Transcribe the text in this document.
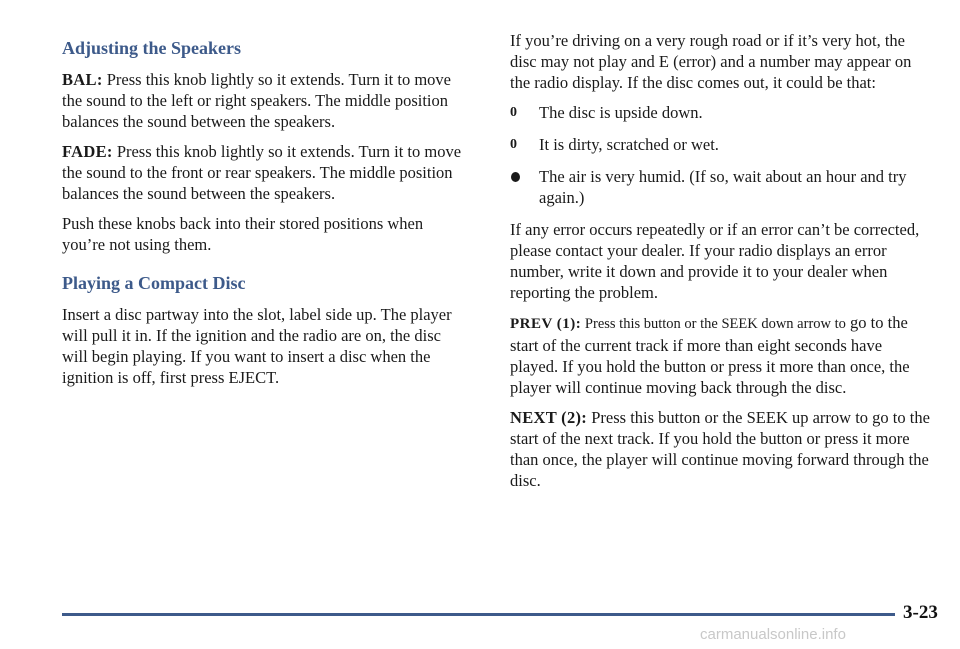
Adjusting the Speakers

BAL: Press this knob lightly so it extends. Turn it to move the sound to the left or right speakers. The middle position balances the sound between the speakers.

FADE: Press this knob lightly so it extends. Turn it to move the sound to the front or rear speakers. The middle position balances the sound between the speakers.

Push these knobs back into their stored positions when you’re not using them.

Playing a Compact Disc

Insert a disc partway into the slot, label side up. The player will pull it in. If the ignition and the radio are on, the disc will begin playing. If you want to insert a disc when the ignition is off, first press EJECT.

If you’re driving on a very rough road or if it’s very hot, the disc may not play and E (error) and a number may appear on the radio display. If the disc comes out, it could be that:

0	The disc is upside down.
0	It is dirty, scratched or wet.
The air is very humid. (If so, wait about an hour and try again.)

If any error occurs repeatedly or if an error can’t be corrected, please contact your dealer. If your radio displays an error number, write it down and provide it to your dealer when reporting the problem.

PREV (1): Press this button or the SEEK down arrow to go to the start of the current track if more than eight seconds have played. If you hold the button or press it more than once, the player will continue moving back through the disc.

NEXT (2): Press this button or the SEEK up arrow to go to the start of the next track. If you hold the button or press it more than once, the player will continue moving forward through the disc.

3-23
carmanualsonline.info
